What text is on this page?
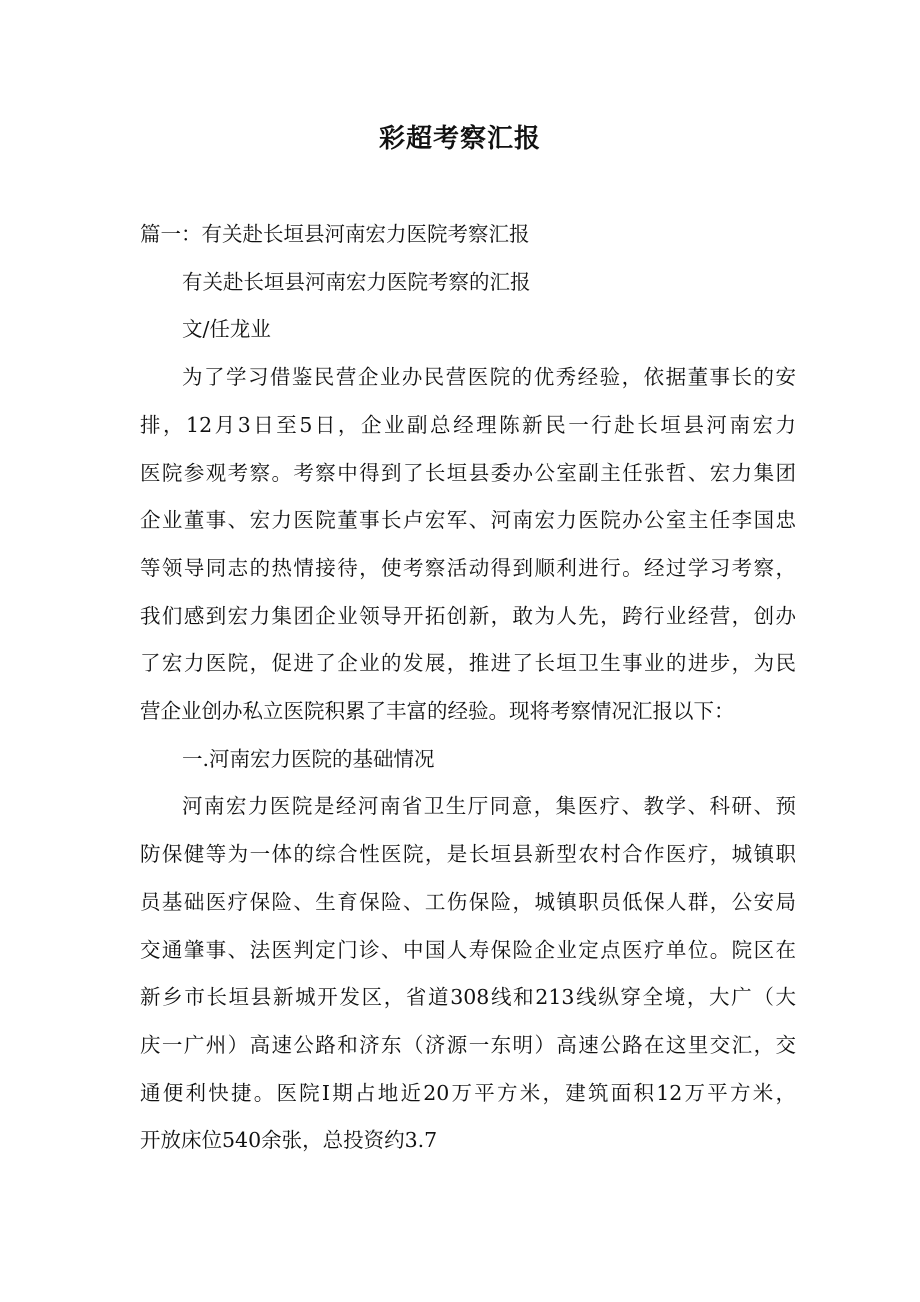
彩超考察汇报
篇一：有关赴长垣县河南宏力医院考察汇报
有关赴长垣县河南宏力医院考察的汇报
文/任龙业
为了学习借鉴民营企业办民营医院的优秀经验，依据董事长的安
排，12月3日至5日，企业副总经理陈新民一行赴长垣县河南宏力
医院参观考察。考察中得到了长垣县委办公室副主任张哲、宏力集团
企业董事、宏力医院董事长卢宏军、河南宏力医院办公室主任李国忠
等领导同志的热情接待，使考察活动得到顺利进行。经过学习考察，
我们感到宏力集团企业领导开拓创新，敢为人先，跨行业经营，创办
了宏力医院，促进了企业的发展，推进了长垣卫生事业的进步，为民
营企业创办私立医院积累了丰富的经验。现将考察情况汇报以下：
一.河南宏力医院的基础情况
河南宏力医院是经河南省卫生厅同意，集医疗、教学、科研、预
防保健等为一体的综合性医院，是长垣县新型农村合作医疗，城镇职
员基础医疗保险、生育保险、工伤保险，城镇职员低保人群，公安局
交通肇事、法医判定门诊、中国人寿保险企业定点医疗单位。院区在
新乡市长垣县新城开发区，省道308线和213线纵穿全境，大广（大
庆一广州）高速公路和济东（济源一东明）高速公路在这里交汇，交
通便利快捷。医院Ⅰ期占地近20万平方米，建筑面积12万平方米，
开放床位540余张，总投资约3.7
